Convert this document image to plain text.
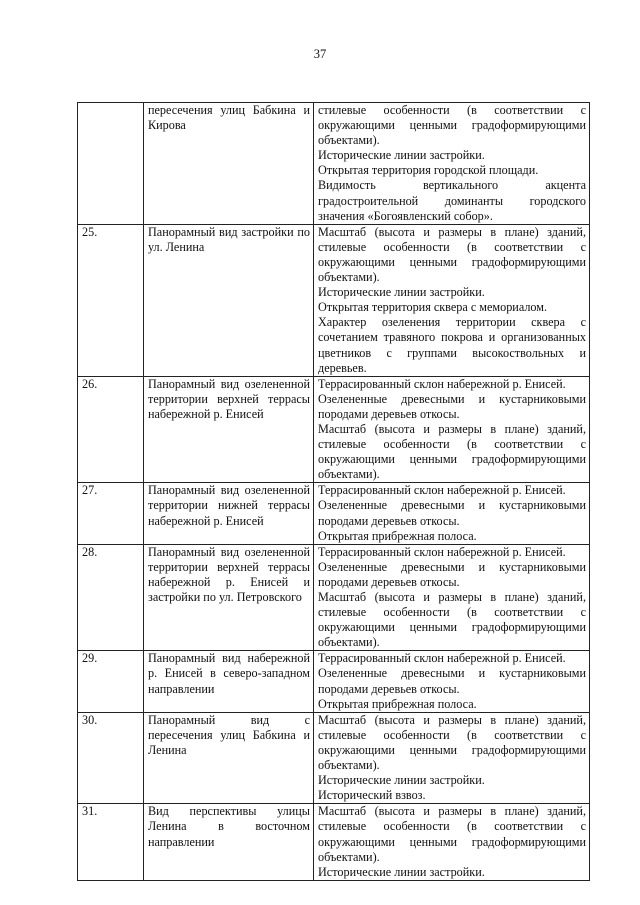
37
	пересечения улиц Бабкина и Кирова	стилевые особенности (в соответствии с окружающими ценными градоформирующими объектами).

Исторические линии застройки.

Открытая территория городской площади.

Видимость вертикального акцента градостроительной доминанты городского значения «Богоявленский собор».

25.	Панорамный вид застройки по ул. Ленина	Масштаб (высота и размеры в плане) зданий, стилевые особенности (в соответствии с окружающими ценными градоформирующими объектами).

Исторические линии застройки.

Открытая территория сквера с мемориалом.

Характер озеленения территории сквера с сочетанием травяного покрова и организованных цветников с группами высокоствольных и деревьев.

26.	Панорамный вид озелененной территории верхней террасы набережной р. Енисей	Террасированный склон набережной р. Енисей.

Озелененные древесными и кустарниковыми породами деревьев откосы.

Масштаб (высота и размеры в плане) зданий, стилевые особенности (в соответствии с окружающими ценными градоформирующими объектами).

27.	Панорамный вид озелененной территории нижней террасы набережной р. Енисей	Террасированный склон набережной р. Енисей.

Озелененные древесными и кустарниковыми породами деревьев откосы.

Открытая прибрежная полоса.

28.	Панорамный вид озелененной территории верхней террасы набережной р. Енисей и застройки по ул. Петровского	Террасированный склон набережной р. Енисей.

Озелененные древесными и кустарниковыми породами деревьев откосы.

Масштаб (высота и размеры в плане) зданий, стилевые особенности (в соответствии с окружающими ценными градоформирующими объектами).

29.	Панорамный вид набережной р. Енисей в северо-западном направлении	Террасированный склон набережной р. Енисей.

Озелененные древесными и кустарниковыми породами деревьев откосы.

Открытая прибрежная полоса.

30.	Панорамный вид с пересечения улиц Бабкина и Ленина	Масштаб (высота и размеры в плане) зданий, стилевые особенности (в соответствии с окружающими ценными градоформирующими объектами).

Исторические линии застройки.

Исторический взвоз.

31.	Вид перспективы улицы Ленина в восточном направлении	Масштаб (высота и размеры в плане) зданий, стилевые особенности (в соответствии с окружающими ценными градоформирующими объектами).

Исторические линии застройки.
